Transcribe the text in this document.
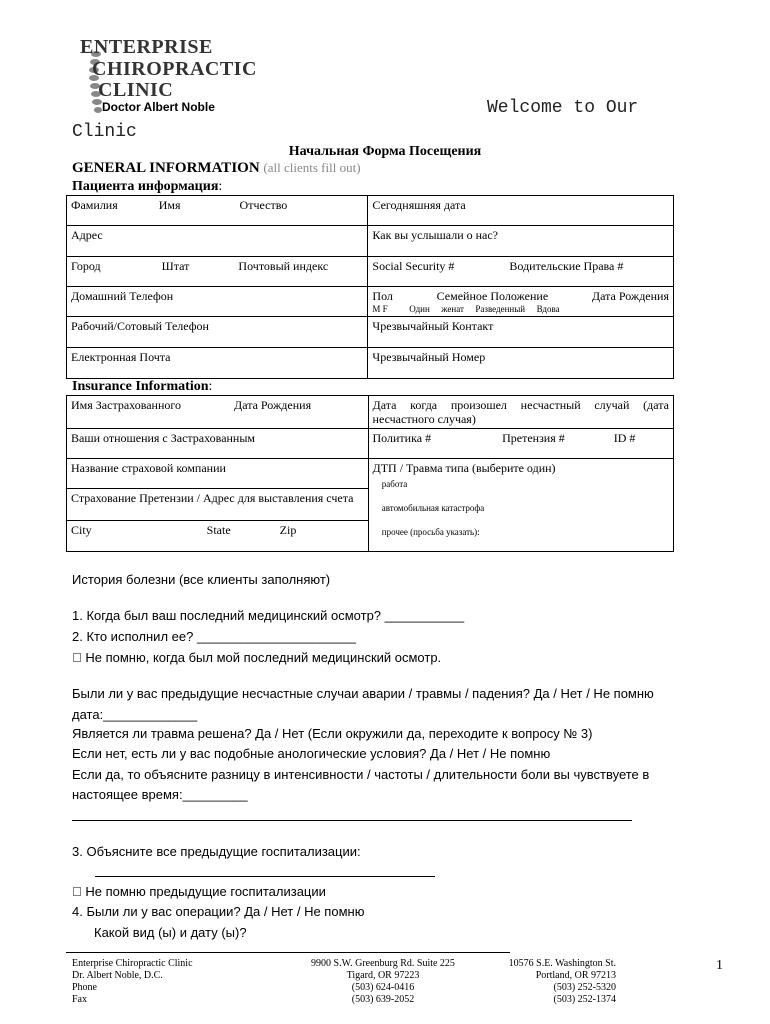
ENTERPRISE
CHIROPRACTIC
CLINIC
Doctor Albert Noble	Welcome to Our
Clinic
Начальная Форма Посещения
GENERAL INFORMATION (all clients fill out)
Пациента информация:
Фамилия Имя Отчество	Сегодняшняя дата
Адрес	Как вы услышали о нас?
Город Штат Почтовый индекс	Social Security # Водительские Права #
Домашний Телефон	Пол Семейное Положение Дата Рождения
M F Один женат Разведенный Вдова

Рабочий/Сотовый Телефон	Чрезвычайный Контакт
Електронная Почта	Чрезвычайный Номер
Insurance Information:
Имя Застрахованного Дата Рождения	Дата когда произошел несчастный случай (дата несчастного случая)
Ваши отношения с Застрахованным	Политика # Претензия # ID #
Название страховой компании	ДТП / Травма типа (выберите один)
работа
автомобильная катастрофа
прочее (просьба указать):

Страхование Претензии / Адрес для выставления счета	
City State Zip	
История болезни (все клиенты заполняют)
1. Когда был ваш последний медицинский осмотр? ___________
2. Кто исполнил ее? ______________________
Не помню, когда был мой последний медицинский осмотр.
Были ли у вас предыдущие несчастные случаи аварии / травмы / падения? Да / Нет / Не помню
дата:_____________
Является ли травма решена? Да / Нет (Если окружили да, переходите к вопросу № 3)
Если нет, есть ли у вас подобные анологические условия? Да / Нет / Не помню
Если да, то объясните разницу в интенсивности / частоты / длительности боли вы чувствуете в
настоящее время:_________
3. Объясните все предыдущие госпитализации:
Не помню предыдущие госпитализации
4. Были ли у вас операции? Да / Нет / Не помню
Какой вид (ы) и дату (ы)?
Enterprise Chiropractic Clinic
Dr. Albert Noble, D.C.
Phone
Fax
9900 S.W. Greenburg Rd. Suite 225
Tigard, OR 97223
(503) 624-0416
(503) 639-2052
10576 S.E. Washington St.
Portland, OR 97213
(503) 252-5320
(503) 252-1374
1
